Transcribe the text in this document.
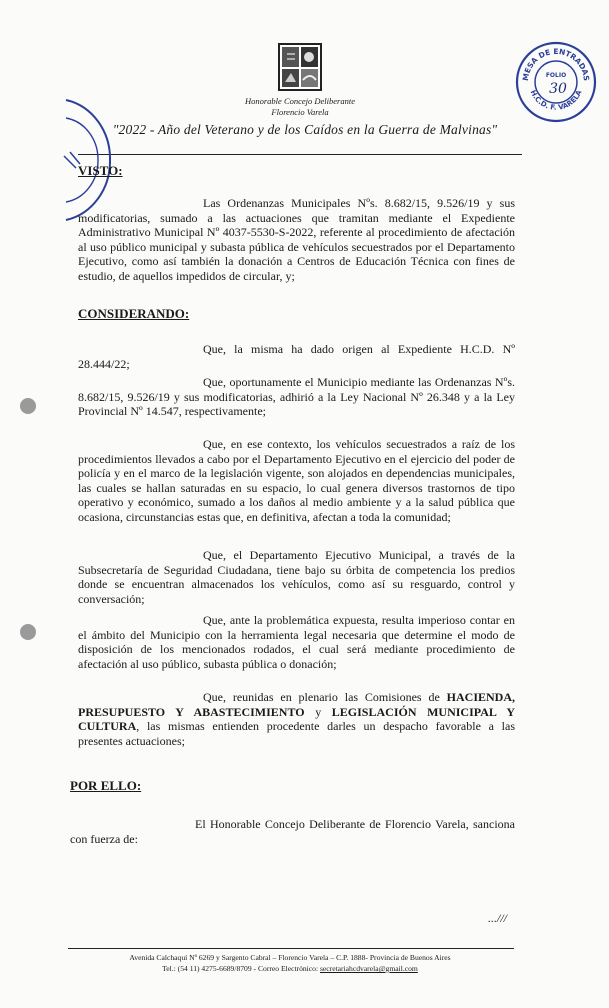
Honorable Concejo Deliberante
Florencio Varela
"2022 - Año del Veterano y de los Caídos en la Guerra de Malvinas"
MESA DE ENTRADAS
FOLIO
30
H.C.D. F. VARELA
VISTO:
Las Ordenanzas Municipales Nºs. 8.682/15, 9.526/19 y sus modificatorias, sumado a las actuaciones que tramitan mediante el Expediente Administrativo Municipal Nº 4037-5530-S-2022, referente al procedimiento de afectación al uso público municipal y subasta pública de vehículos secuestrados por el Departamento Ejecutivo, como así también la donación a Centros de Educación Técnica con fines de estudio, de aquellos impedidos de circular, y;
CONSIDERANDO:
Que, la misma ha dado origen al Expediente H.C.D. Nº 28.444/22;
Que, oportunamente el Municipio mediante las Ordenanzas Nºs. 8.682/15, 9.526/19 y sus modificatorias, adhirió a la Ley Nacional Nº 26.348 y a la Ley Provincial Nº 14.547, respectivamente;
Que, en ese contexto, los vehículos secuestrados a raíz de los procedimientos llevados a cabo por el Departamento Ejecutivo en el ejercicio del poder de policía y en el marco de la legislación vigente, son alojados en dependencias municipales, las cuales se hallan saturadas en su espacio, lo cual genera diversos trastornos de tipo operativo y económico, sumado a los daños al medio ambiente y a la salud pública que ocasiona, circunstancias estas que, en definitiva, afectan a toda la comunidad;
Que, el Departamento Ejecutivo Municipal, a través de la Subsecretaría de Seguridad Ciudadana, tiene bajo su órbita de competencia los predios donde se encuentran almacenados los vehículos, como así su resguardo, control y conversación;
Que, ante la problemática expuesta, resulta imperioso contar en el ámbito del Municipio con la herramienta legal necesaria que determine el modo de disposición de los mencionados rodados, el cual será mediante procedimiento de afectación al uso público, subasta pública o donación;
Que, reunidas en plenario las Comisiones de HACIENDA, PRESUPUESTO Y ABASTECIMIENTO y LEGISLACIÓN MUNICIPAL Y CULTURA, las mismas entienden procedente darles un despacho favorable a las presentes actuaciones;
POR ELLO:
El Honorable Concejo Deliberante de Florencio Varela, sanciona con fuerza de:
...///
Avenida Calchaquí Nº 6269 y Sargento Cabral – Florencio Varela – C.P. 1888- Provincia de Buenos Aires
Tel.: (54 11) 4275-6689/8709 - Correo Electrónico: secretariahcdvarela@gmail.com
